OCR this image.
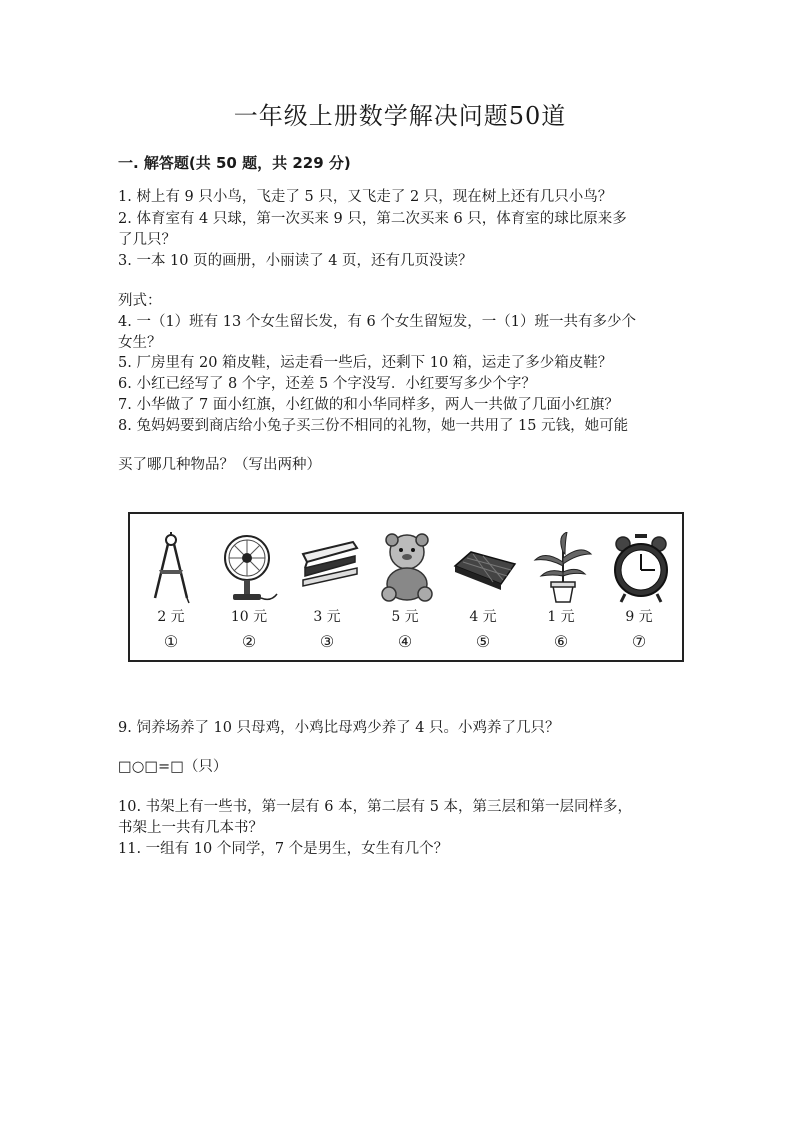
一年级上册数学解决问题50道
一. 解答题(共 50 题，共 229 分)
1. 树上有 9 只小鸟，飞走了 5 只，又飞走了 2 只，现在树上还有几只小鸟？
2. 体育室有 4 只球，第一次买来 9 只，第二次买来 6 只，体育室的球比原来多
了几只？
3. 一本 10 页的画册，小丽读了 4 页，还有几页没读？
列式：
4. 一（1）班有 13 个女生留长发，有 6 个女生留短发，一（1）班一共有多少个
女生？
5. 厂房里有 20 箱皮鞋，运走看一些后，还剩下 10 箱，运走了多少箱皮鞋？
6. 小红已经写了 8 个字，还差 5 个字没写．小红要写多少个字？
7. 小华做了 7 面小红旗，小红做的和小华同样多，两人一共做了几面小红旗？
8. 兔妈妈要到商店给小兔子买三份不相同的礼物，她一共用了 15 元钱，她可能
买了哪几种物品？（写出两种）
9. 饲养场养了 10 只母鸡，小鸡比母鸡少养了 4 只。小鸡养了几只？
□○□=□（只）
10. 书架上有一些书，第一层有 6 本，第二层有 5 本，第三层和第一层同样多，
书架上一共有几本书？
11. 一组有 10 个同学，7 个是男生，女生有几个？
2 元
①
10 元
②
3 元
③
5 元
④
4 元
⑤
1 元
⑥
9 元
⑦
